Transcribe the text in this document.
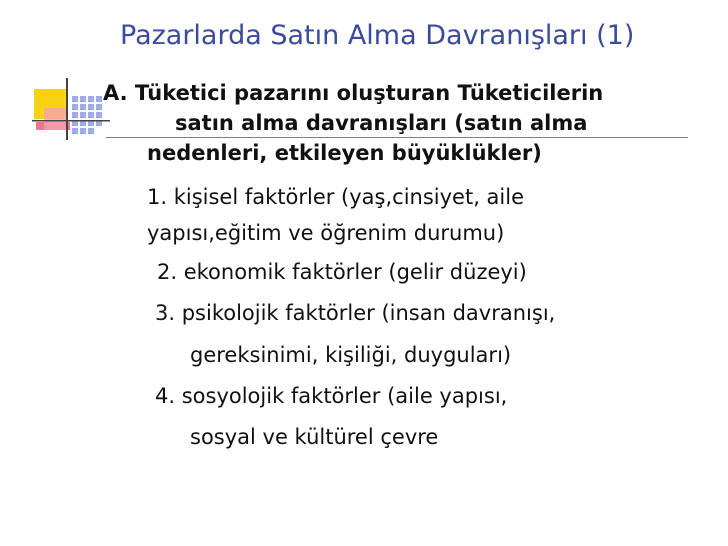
Pazarlarda Satın Alma Davranışları (1)
A. Tüketici pazarını oluşturan Tüketicilerin
satın alma davranışları (satın alma
nedenleri, etkileyen büyüklükler)
1. kişisel faktörler (yaş,cinsiyet, aile
yapısı,eğitim ve öğrenim durumu)
2. ekonomik faktörler (gelir düzeyi)
3. psikolojik faktörler (insan davranışı,
gereksinimi, kişiliği, duyguları)
4. sosyolojik faktörler (aile yapısı,
sosyal ve kültürel çevre
